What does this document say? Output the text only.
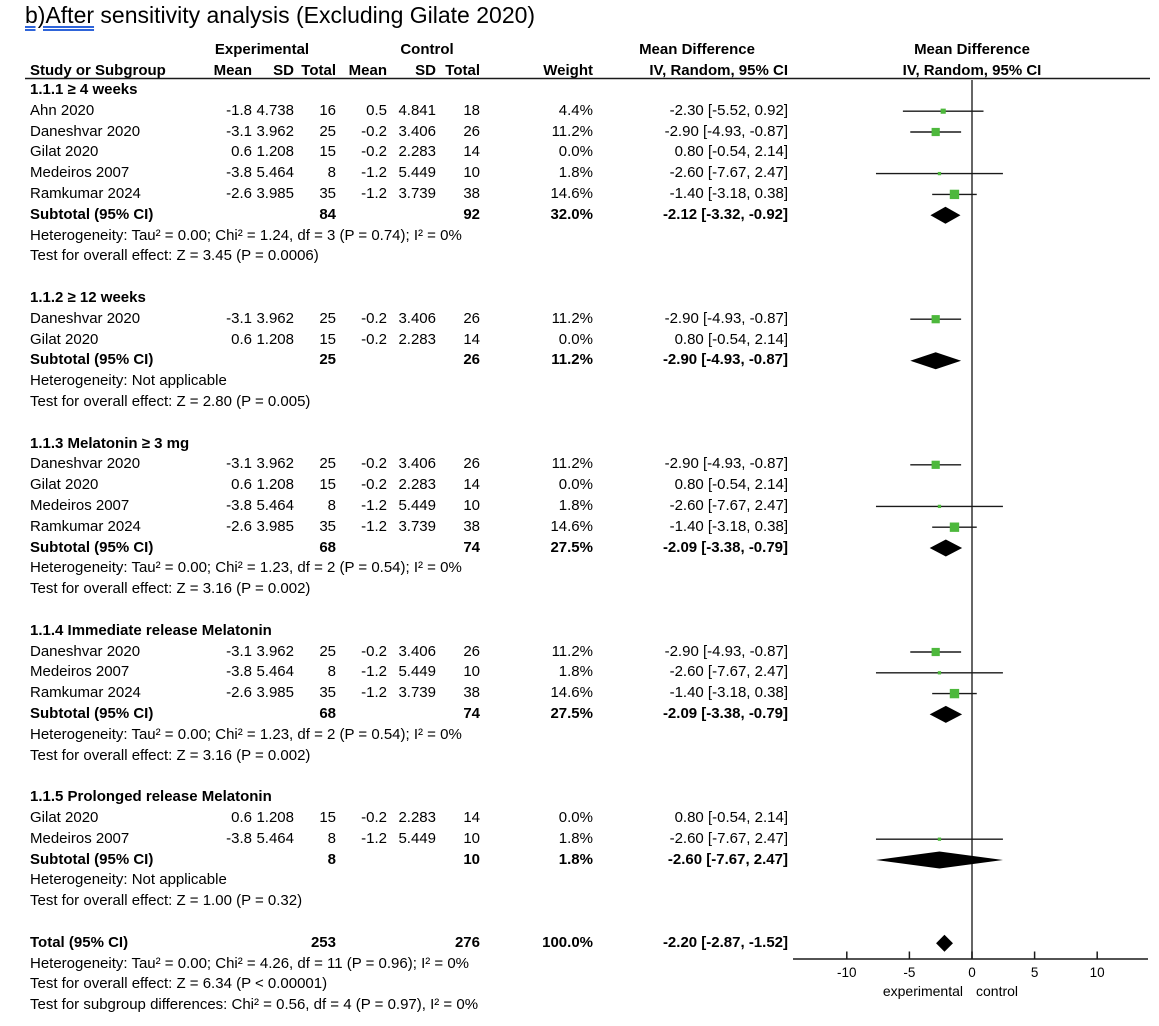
b)After sensitivity analysis (Excluding Gilate 2020)
Experimental	Control	Mean Difference	Mean Difference
Study or Subgroup	Mean	SD Total Mean	SD Total	Weight	IV, Random, 95% CI	IV, Random, 95% CI
-10	-5	0	5	10
experimental control
1.1.1 ≥ 4 weeks
Ahn 2020	-1.8 4.738	16	0.5 4.841	18	4.4%	-2.30 [-5.52, 0.92]
Daneshvar 2020	-3.1 3.962	25	-0.2 3.406	26	11.2%	-2.90 [-4.93, -0.87]
Gilat 2020	0.6 1.208	15	-0.2 2.283	14	0.0%	0.80 [-0.54, 2.14]
Medeiros 2007	-3.8 5.464	8	-1.2 5.449	10	1.8%	-2.60 [-7.67, 2.47]
Ramkumar 2024	-2.6 3.985	35	-1.2 3.739	38	14.6%	-1.40 [-3.18, 0.38]
Subtotal (95% CI)	84	92	32.0%	-2.12 [-3.32, -0.92]
Heterogeneity: Tau² = 0.00; Chi² = 1.24, df = 3 (P = 0.74); I² = 0%
Test for overall effect: Z = 3.45 (P = 0.0006)
1.1.2 ≥ 12 weeks
Daneshvar 2020	-3.1 3.962	25	-0.2 3.406	26	11.2%	-2.90 [-4.93, -0.87]
Gilat 2020	0.6 1.208	15	-0.2 2.283	14	0.0%	0.80 [-0.54, 2.14]
Subtotal (95% CI)	25	26	11.2%	-2.90 [-4.93, -0.87]
Heterogeneity: Not applicable
Test for overall effect: Z = 2.80 (P = 0.005)
1.1.3 Melatonin ≥ 3 mg
Daneshvar 2020	-3.1 3.962	25	-0.2 3.406	26	11.2%	-2.90 [-4.93, -0.87]
Gilat 2020	0.6 1.208	15	-0.2 2.283	14	0.0%	0.80 [-0.54, 2.14]
Medeiros 2007	-3.8 5.464	8	-1.2 5.449	10	1.8%	-2.60 [-7.67, 2.47]
Ramkumar 2024	-2.6 3.985	35	-1.2 3.739	38	14.6%	-1.40 [-3.18, 0.38]
Subtotal (95% CI)	68	74	27.5%	-2.09 [-3.38, -0.79]
Heterogeneity: Tau² = 0.00; Chi² = 1.23, df = 2 (P = 0.54); I² = 0%
Test for overall effect: Z = 3.16 (P = 0.002)
1.1.4 Immediate release Melatonin
Daneshvar 2020	-3.1 3.962	25	-0.2 3.406	26	11.2%	-2.90 [-4.93, -0.87]
Medeiros 2007	-3.8 5.464	8	-1.2 5.449	10	1.8%	-2.60 [-7.67, 2.47]
Ramkumar 2024	-2.6 3.985	35	-1.2 3.739	38	14.6%	-1.40 [-3.18, 0.38]
Subtotal (95% CI)	68	74	27.5%	-2.09 [-3.38, -0.79]
Heterogeneity: Tau² = 0.00; Chi² = 1.23, df = 2 (P = 0.54); I² = 0%
Test for overall effect: Z = 3.16 (P = 0.002)
1.1.5 Prolonged release Melatonin
Gilat 2020	0.6 1.208	15	-0.2 2.283	14	0.0%	0.80 [-0.54, 2.14]
Medeiros 2007	-3.8 5.464	8	-1.2 5.449	10	1.8%	-2.60 [-7.67, 2.47]
Subtotal (95% CI)	8	10	1.8%	-2.60 [-7.67, 2.47]
Heterogeneity: Not applicable
Test for overall effect: Z = 1.00 (P = 0.32)
Total (95% CI)	253	276	100.0%	-2.20 [-2.87, -1.52]
Heterogeneity: Tau² = 0.00; Chi² = 4.26, df = 11 (P = 0.96); I² = 0%
Test for overall effect: Z = 6.34 (P < 0.00001)
Test for subgroup differences: Chi² = 0.56, df = 4 (P = 0.97), I² = 0%
